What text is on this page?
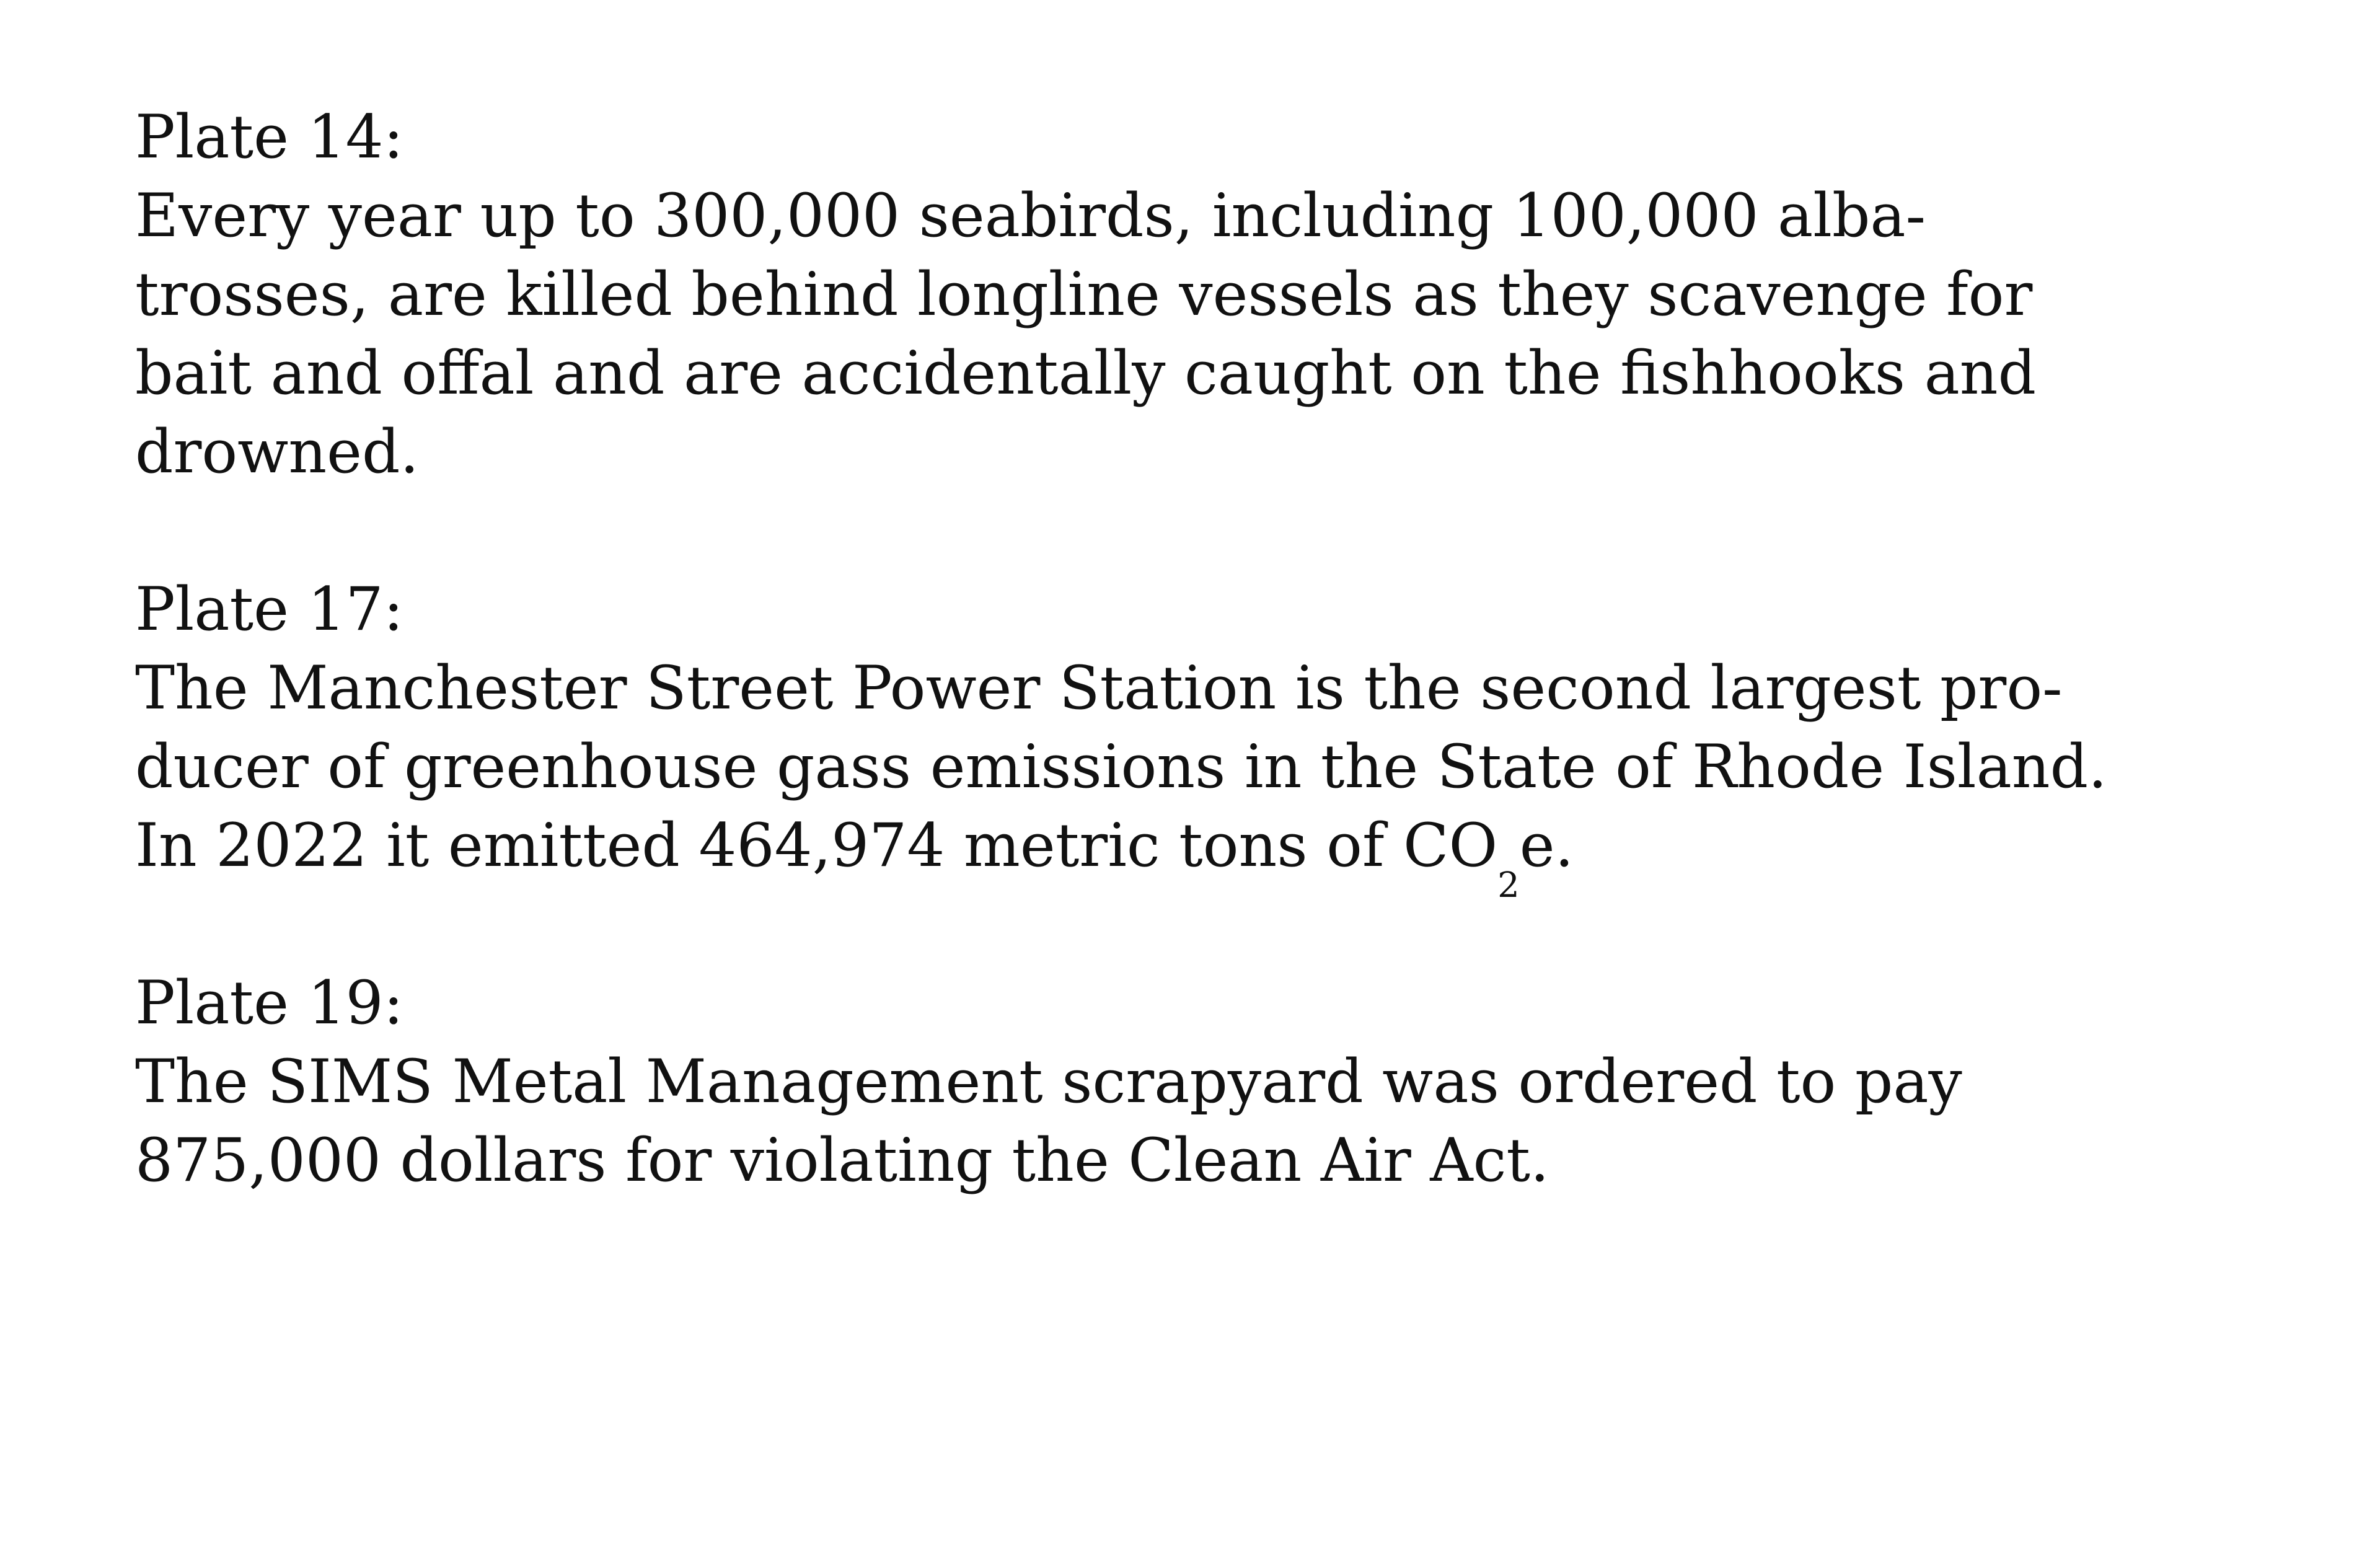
Plate 14:
Every year up to 300,000 seabirds, including 100,000 alba-
trosses, are killed behind longline vessels as they scavenge for
bait and offal and are accidentally caught on the fishhooks and
drowned.
Plate 17:
The Manchester Street Power Station is the second largest pro-
ducer of greenhouse gass emissions in the State of Rhode Island.
In 2022 it emitted 464,974 metric tons of $CO_2e$.
Plate 19:
The SIMS Metal Management scrapyard was ordered to pay
875,000 dollars for violating the Clean Air Act.
